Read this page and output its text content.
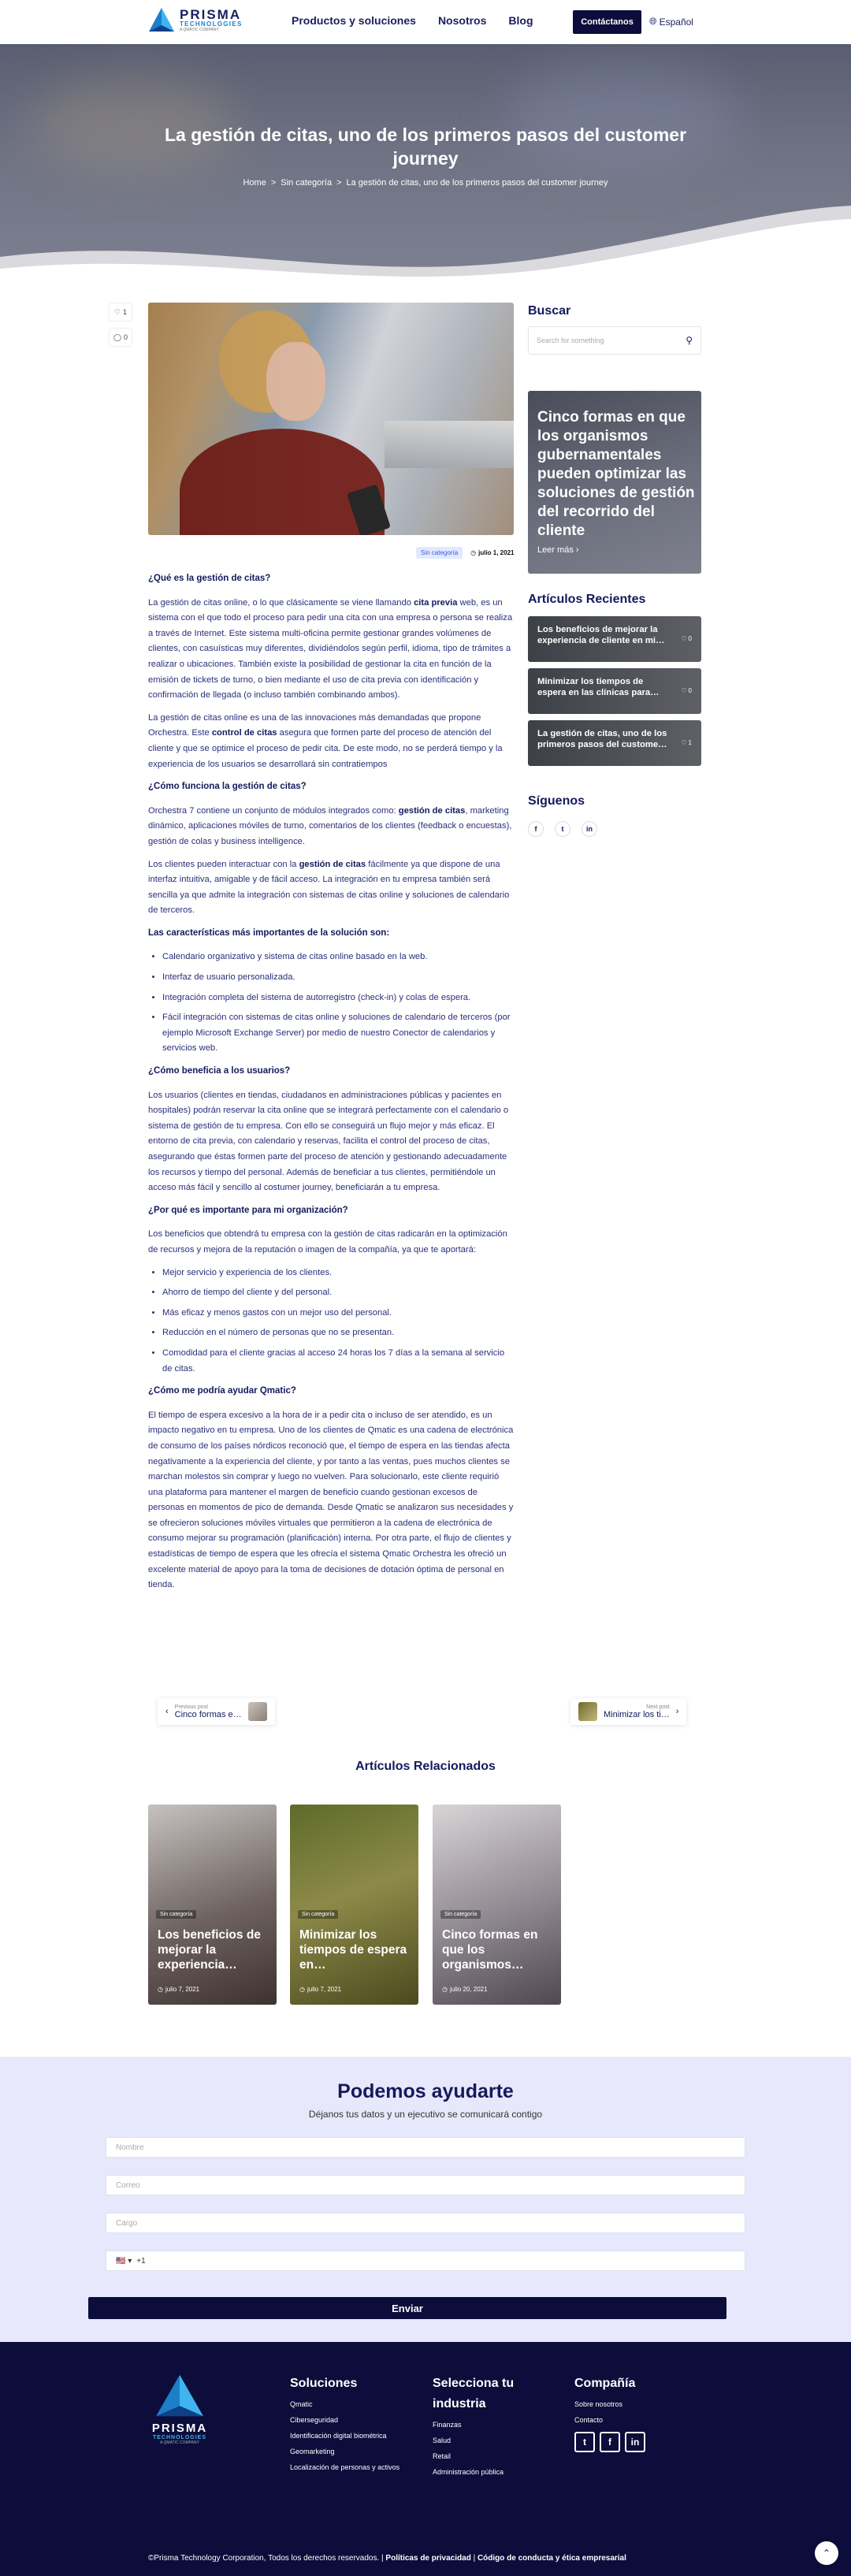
PRISMA
TECHNOLOGIES
A QMATIC COMPANY
Productos y soluciones Nosotros Blog	Contáctanos	🌐︎ Español
La gestión de citas, uno de los primeros pasos del customer journey
Home > Sin categoría > La gestión de citas, uno de los primeros pasos del customer journey
♡ 1
◯ 0
Sin categoría	◷ julio 1, 2021
¿Qué es la gestión de citas?

La gestión de citas online, o lo que clásicamente se viene llamando cita previa web, es un sistema con el que todo el proceso para pedir una cita con una empresa o persona se realiza a través de Internet. Este sistema multi-oficina permite gestionar grandes volúmenes de clientes, con casuísticas muy diferentes, dividiéndolos según perfil, idioma, tipo de trámites a realizar o ubicaciones. También existe la posibilidad de gestionar la cita en función de la emisión de tickets de turno, o bien mediante el uso de cita previa con identificación y confirmación de llegada (o incluso también combinando ambos).

La gestión de citas online es una de las innovaciones más demandadas que propone Orchestra. Este control de citas asegura que formen parte del proceso de atención del cliente y que se optimice el proceso de pedir cita. De este modo, no se perderá tiempo y la experiencia de los usuarios se desarrollará sin contratiempos

¿Cómo funciona la gestión de citas?

Orchestra 7 contiene un conjunto de módulos integrados como: gestión de citas, marketing dinámico, aplicaciones móviles de turno, comentarios de los clientes (feedback o encuestas), gestión de colas y business intelligence.

Los clientes pueden interactuar con la gestión de citas fácilmente ya que dispone de una interfaz intuitiva, amigable y de fácil acceso. La integración en tu empresa también será sencilla ya que admite la integración con sistemas de citas online y soluciones de calendario de terceros.

Las características más importantes de la solución son:
• Calendario organizativo y sistema de citas online basado en la web.
• Interfaz de usuario personalizada.
• Integración completa del sistema de autorregistro (check-in) y colas de espera.
• Fácil integración con sistemas de citas online y soluciones de calendario de terceros (por ejemplo Microsoft Exchange Server) por medio de nuestro Conector de calendarios y servicios web.
¿Cómo beneficia a los usuarios?

Los usuarios (clientes en tiendas, ciudadanos en administraciones públicas y pacientes en hospitales) podrán reservar la cita online que se integrará perfectamente con el calendario o sistema de gestión de tu empresa. Con ello se conseguirá un flujo mejor y más eficaz. El entorno de cita previa, con calendario y reservas, facilita el control del proceso de citas, asegurando que éstas formen parte del proceso de atención y gestionando adecuadamente los recursos y tiempo del personal. Además de beneficiar a tus clientes, permitiéndole un acceso más fácil y sencillo al costumer journey, beneficiarán a tu empresa.

¿Por qué es importante para mi organización?

Los beneficios que obtendrá tu empresa con la gestión de citas radicarán en la optimización de recursos y mejora de la reputación o imagen de la compañía, ya que te aportará:

• Mejor servicio y experiencia de los clientes.
• Ahorro de tiempo del cliente y del personal.
• Más eficaz y menos gastos con un mejor uso del personal.
• Reducción en el número de personas que no se presentan.
• Comodidad para el cliente gracias al acceso 24 horas los 7 días a la semana al servicio de citas.
¿Cómo me podría ayudar Qmatic?

El tiempo de espera excesivo a la hora de ir a pedir cita o incluso de ser atendido, es un impacto negativo en tu empresa. Uno de los clientes de Qmatic es una cadena de electrónica de consumo de los países nórdicos reconoció que, el tiempo de espera en las tiendas afecta negativamente a la experiencia del cliente, y por tanto a las ventas, pues muchos clientes se marchan molestos sin comprar y luego no vuelven. Para solucionarlo, este cliente requirió una plataforma para mantener el margen de beneficio cuando gestionan excesos de personas en momentos de pico de demanda. Desde Qmatic se analizaron sus necesidades y se ofrecieron soluciones móviles virtuales que permitieron a la cadena de electrónica de consumo mejorar su programación (planificación) interna. Por otra parte, el flujo de clientes y estadísticas de tiempo de espera que les ofrecía el sistema Qmatic Orchestra les ofreció un excelente material de apoyo para la toma de decisiones de dotación óptima de personal en tienda.

Buscar
Search for something	⚲
Cinco formas en que los organismos gubernamentales pueden optimizar las soluciones de gestión del recorrido del cliente
Leer más ›
Artículos Recientes
Los beneficios de mejorar la experiencia de cliente en mi…	♡ 0
Minimizar los tiempos de espera en las clínicas para…	♡ 0
La gestión de citas, uno de los primeros pasos del custome… ♡ 1
Síguenos
f	t	in
‹ Previous post
Cinco formas e…
Next post
Minimizar los ti… ›
Artículos Relacionados
Sin categoría
Los beneficios de mejorar la experiencia…
◷ julio 7, 2021
Sin categoría
Minimizar los tiempos de espera en…
◷ julio 7, 2021
Sin categoría
Cinco formas en que los organismos…
◷ julio 20, 2021
Podemos ayudarte
Déjanos tus datos y un ejecutivo se comunicará contigo
Nombre
Correo
Cargo
🇺🇸︎ ▾ +1
Enviar
PRISMA
TECHNOLOGIES
A QMATIC COMPANY
Soluciones
Qmatic
Ciberseguridad
Identificación digital biométrica
Geomarketing
Localización de personas y activos
Selecciona tu industria
Finanzas
Salud
Retail
Administración pública
Compañía
Sobre nosotros
Contacto
t	f	in
©Prisma Technology Corporation, Todos los derechos reservados. | Políticas de privacidad | Código de conducta y ética empresarial	⌃
